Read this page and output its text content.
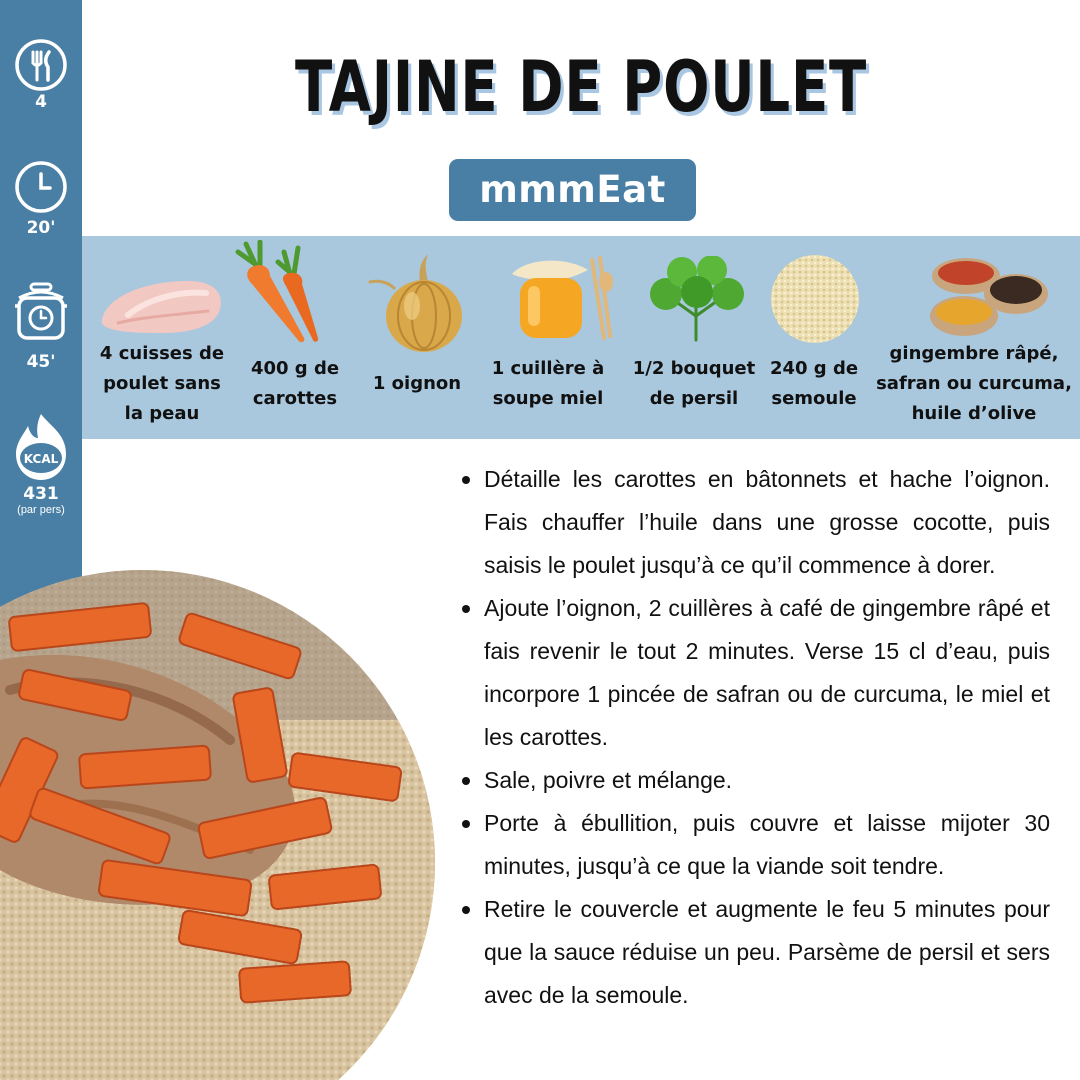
4
20'
45'
KCAL
431
(par pers)
TAJINE DE POULET
mmmEat
4 cuisses de poulet sans la peau
400 g de carottes
1 oignon
1 cuillère à soupe miel
1/2 bouquet de persil
240 g de semoule
gingembre râpé, safran ou curcuma, huile d’olive
Détaille les carottes en bâtonnets et hache l’oignon. Fais chauffer l’huile dans une grosse cocotte, puis saisis le poulet jusqu’à ce qu’il commence à dorer.
Ajoute l’oignon, 2 cuillères à café de gingembre râpé et fais revenir le tout 2 minutes. Verse 15 cl d’eau, puis incorpore 1 pincée de safran ou de curcuma, le miel et les carottes.
Sale, poivre et mélange.
Porte à ébullition, puis couvre et laisse mijoter 30 minutes, jusqu’à ce que la viande soit tendre.
Retire le couvercle et augmente le feu 5 minutes pour que la sauce réduise un peu. Parsème de persil et sers avec de la semoule.
